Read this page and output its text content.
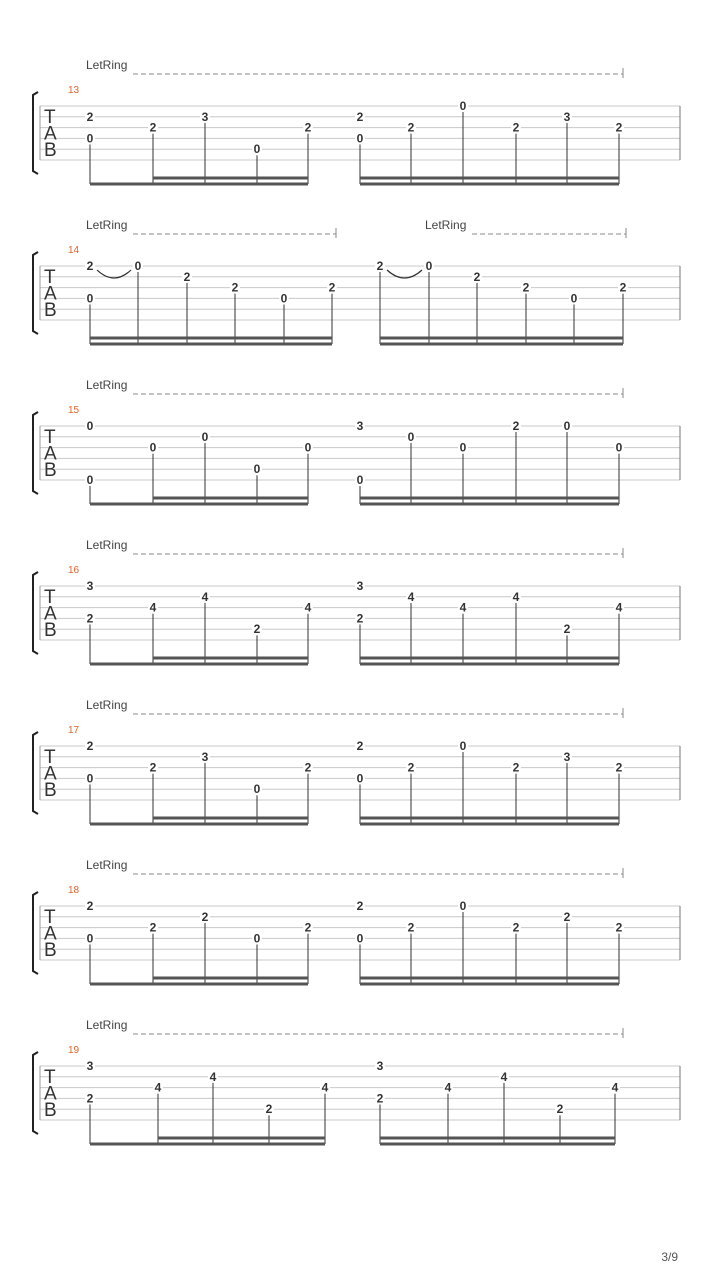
LetRing
13
T
A
B
2
0
2
3
0
2
2
0
2
0
2
3
2
LetRing	LetRing
14
T
A
B
2
0
0
2
2
0
2
2	0
2
2
0
2
LetRing
15
T
A
B
0
0
0
0
0
0
3
0
0
0
2	0
0
LetRing
16
T
A
B
3
2
4
4
2
4
3
2
4
4
4
2
4
LetRing
17
T
A
B
2
0
2
3
0
2
2
0
2
0
2
3
2
LetRing
18
T
A
B
2
0
2
2
0
2
2
0
2
0
2
2
2
LetRing
19
T
A
B
3
2
4
4
2
4
3
2
4
4
2
4
3/9
